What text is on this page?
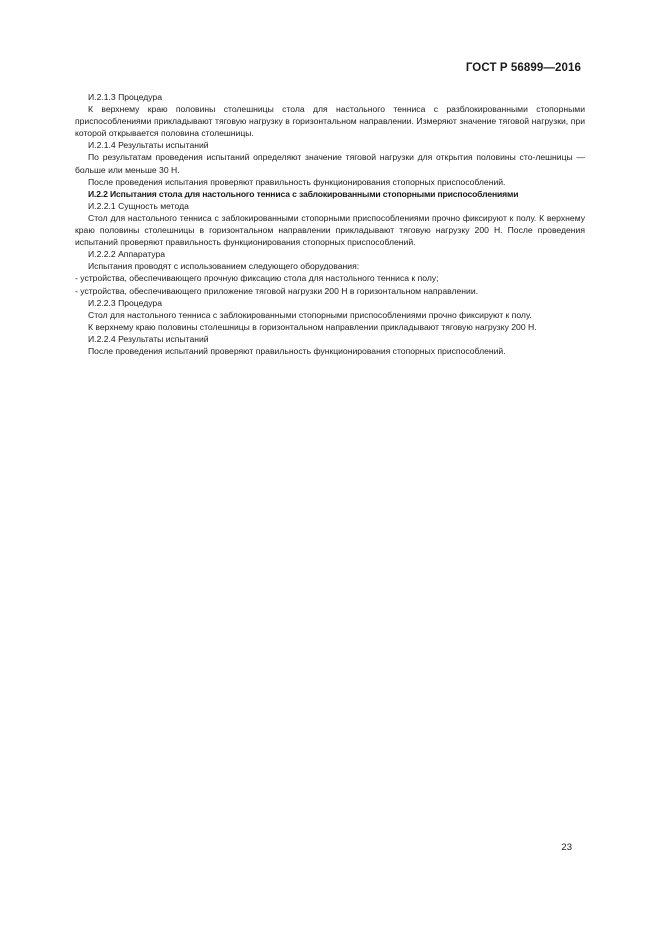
ГОСТ Р 56899—2016

И.2.1.3 Процедура

К верхнему краю половины столешницы стола для настольного тенниса с разблокированными стопорными приспособлениями прикладывают тяговую нагрузку в горизонтальном направлении. Измеряют значение тяговой нагрузки, при которой открывается половина столешницы.

И.2.1.4 Результаты испытаний

По результатам проведения испытаний определяют значение тяговой нагрузки для открытия половины сто-лешницы — больше или меньше 30 Н.

После проведения испытания проверяют правильность функционирования стопорных приспособлений.

И.2.2 Испытания стола для настольного тенниса с заблокированными стопорными приспособлениями

И.2.2.1 Сущность метода

Стол для настольного тенниса с заблокированными стопорными приспособлениями прочно фиксируют к полу. К верхнему краю половины столешницы в горизонтальном направлении прикладывают тяговую нагрузку 200 Н. После проведения испытаний проверяют правильность функционирования стопорных приспособлений.

И.2.2.2 Аппаратура

Испытания проводят с использованием следующего оборудования:

- устройства, обеспечивающего прочную фиксацию стола для настольного тенниса к полу;

- устройства, обеспечивающего приложение тяговой нагрузки 200 Н в горизонтальном направлении.

И.2.2.3 Процедура

Стол для настольного тенниса с заблокированными стопорными приспособлениями прочно фиксируют к полу.

К верхнему краю половины столешницы в горизонтальном направлении прикладывают тяговую нагрузку 200 Н.

И.2.2.4 Результаты испытаний

После проведения испытаний проверяют правильность функционирования стопорных приспособлений.

23
